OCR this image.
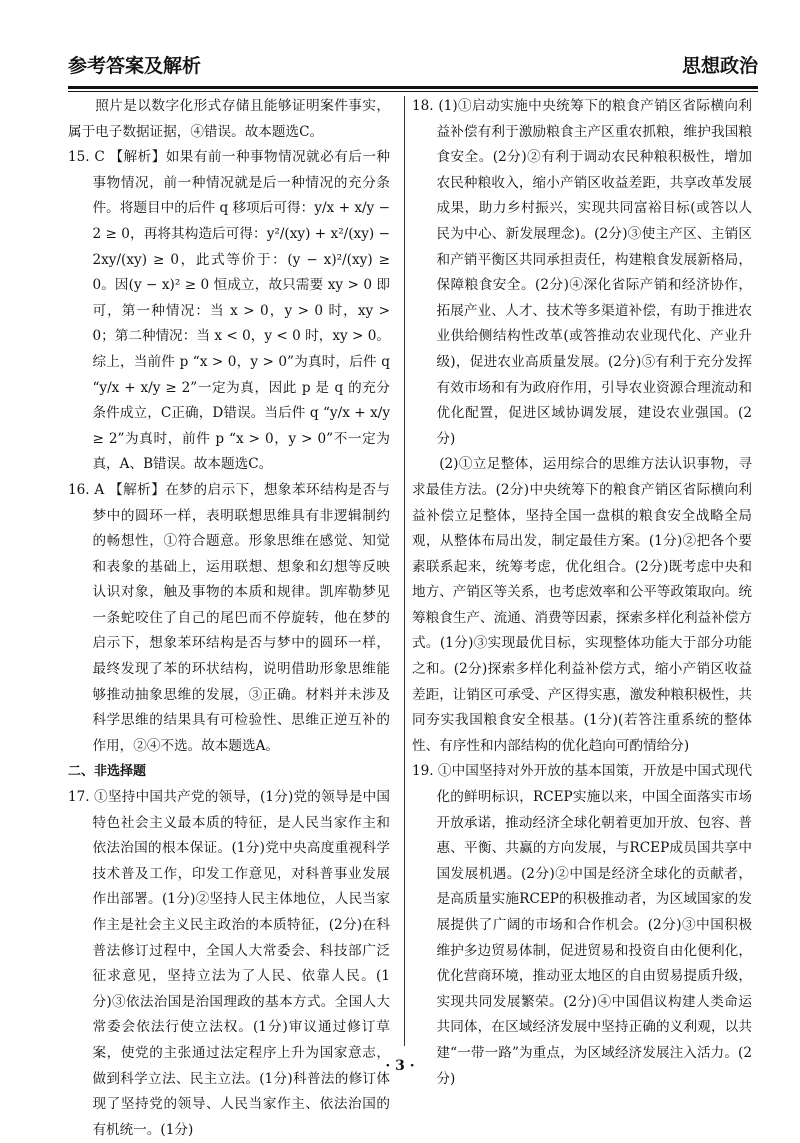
参考答案及解析	思想政治

照片是以数字化形式存储且能够证明案件事实，属于电子数据证据，④错误。故本题选C。

15. C 【解析】如果有前一种事物情况就必有后一种事物情况，前一种情况就是后一种情况的充分条件。将题目中的后件 q 移项后可得：y/x + x/y − 2 ≥ 0，再将其构造后可得：y²/(xy) + x²/(xy) − 2xy/(xy) ≥ 0，此式等价于：(y − x)²/(xy) ≥ 0。因(y − x)² ≥ 0 恒成立，故只需要 xy > 0 即可，第一种情况：当 x > 0，y > 0 时，xy > 0；第二种情况：当 x < 0，y < 0 时，xy > 0。综上，当前件 p “x > 0，y > 0”为真时，后件 q “y/x + x/y ≥ 2”一定为真，因此 p 是 q 的充分条件成立，C正确，D错误。当后件 q “y/x + x/y ≥ 2”为真时，前件 p “x > 0，y > 0”不一定为真，A、B错误。故本题选C。

16. A 【解析】在梦的启示下，想象苯环结构是否与梦中的圆环一样，表明联想思维具有非逻辑制约的畅想性，①符合题意。形象思维在感觉、知觉和表象的基础上，运用联想、想象和幻想等反映认识对象，触及事物的本质和规律。凯库勒梦见一条蛇咬住了自己的尾巴而不停旋转，他在梦的启示下，想象苯环结构是否与梦中的圆环一样，最终发现了苯的环状结构，说明借助形象思维能够推动抽象思维的发展，③正确。材料并未涉及科学思维的结果具有可检验性、思维正逆互补的作用，②④不选。故本题选A。

二、非选择题

17. ①坚持中国共产党的领导，(1分)党的领导是中国特色社会主义最本质的特征，是人民当家作主和依法治国的根本保证。(1分)党中央高度重视科学技术普及工作，印发工作意见，对科普事业发展作出部署。(1分)②坚持人民主体地位，人民当家作主是社会主义民主政治的本质特征，(2分)在科普法修订过程中，全国人大常委会、科技部广泛征求意见，坚持立法为了人民、依靠人民。(1分)③依法治国是治国理政的基本方式。全国人大常委会依法行使立法权。(1分)审议通过修订草案，使党的主张通过法定程序上升为国家意志，做到科学立法、民主立法。(1分)科普法的修订体现了坚持党的领导、人民当家作主、依法治国的有机统一。(1分)

18. (1)①启动实施中央统筹下的粮食产销区省际横向利益补偿有利于激励粮食主产区重农抓粮，维护我国粮食安全。(2分)②有利于调动农民种粮积极性，增加农民种粮收入，缩小产销区收益差距，共享改革发展成果，助力乡村振兴，实现共同富裕目标(或答以人民为中心、新发展理念)。(2分)③使主产区、主销区和产销平衡区共同承担责任，构建粮食发展新格局，保障粮食安全。(2分)④深化省际产销和经济协作，拓展产业、人才、技术等多渠道补偿，有助于推进农业供给侧结构性改革(或答推动农业现代化、产业升级)，促进农业高质量发展。(2分)⑤有利于充分发挥有效市场和有为政府作用，引导农业资源合理流动和优化配置，促进区域协调发展，建设农业强国。(2分)

(2)①立足整体，运用综合的思维方法认识事物，寻求最佳方法。(2分)中央统筹下的粮食产销区省际横向利益补偿立足整体，坚持全国一盘棋的粮食安全战略全局观，从整体布局出发，制定最佳方案。(1分)②把各个要素联系起来，统筹考虑，优化组合。(2分)既考虑中央和地方、产销区等关系，也考虑效率和公平等政策取向。统筹粮食生产、流通、消费等因素，探索多样化利益补偿方式。(1分)③实现最优目标，实现整体功能大于部分功能之和。(2分)探索多样化利益补偿方式，缩小产销区收益差距，让销区可承受、产区得实惠，激发种粮积极性，共同夯实我国粮食安全根基。(1分)(若答注重系统的整体性、有序性和内部结构的优化趋向可酌情给分)

19. ①中国坚持对外开放的基本国策，开放是中国式现代化的鲜明标识，RCEP实施以来，中国全面落实市场开放承诺，推动经济全球化朝着更加开放、包容、普惠、平衡、共赢的方向发展，与RCEP成员国共享中国发展机遇。(2分)②中国是经济全球化的贡献者，是高质量实施RCEP的积极推动者，为区域国家的发展提供了广阔的市场和合作机会。(2分)③中国积极维护多边贸易体制，促进贸易和投资自由化便利化，优化营商环境，推动亚太地区的自由贸易提质升级，实现共同发展繁荣。(2分)④中国倡议构建人类命运共同体，在区域经济发展中坚持正确的义利观，以共建“一带一路”为重点，为区域经济发展注入活力。(2分)

· 3 ·
